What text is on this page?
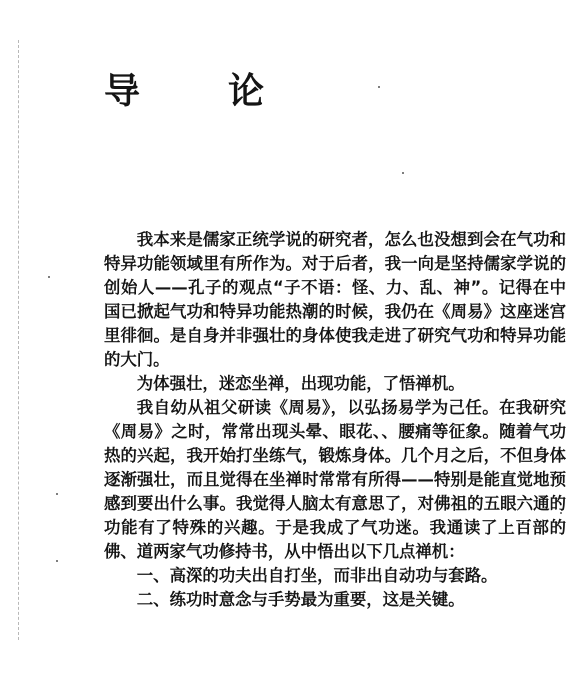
导 论

我本来是儒家正统学说的研究者，怎么也没想到会在气功和特异功能领域里有所作为。对于后者，我一向是坚持儒家学说的创始人——孔子的观点“子不语：怪、力、乱、神”。记得在中国已掀起气功和特异功能热潮的时候，我仍在《周易》这座迷宫里徘徊。是自身并非强壮的身体使我走进了研究气功和特异功能的大门。

为体强壮，迷恋坐禅，出现功能，了悟禅机。

我自幼从祖父研读《周易》，以弘扬易学为己任。在我研究《周易》之时，常常出现头晕、眼花、、腰痛等征象。随着气功热的兴起，我开始打坐练气，锻炼身体。几个月之后，不但身体逐渐强壮，而且觉得在坐禅时常常有所得——特别是能直觉地预感到要出什么事。我觉得人脑太有意思了，对佛祖的五眼六通的功能有了特殊的兴趣。于是我成了气功迷。我通读了上百部的佛、道两家气功修持书，从中悟出以下几点禅机：

一、高深的功夫出自打坐，而非出自动功与套路。

二、练功时意念与手势最为重要，这是关键。
